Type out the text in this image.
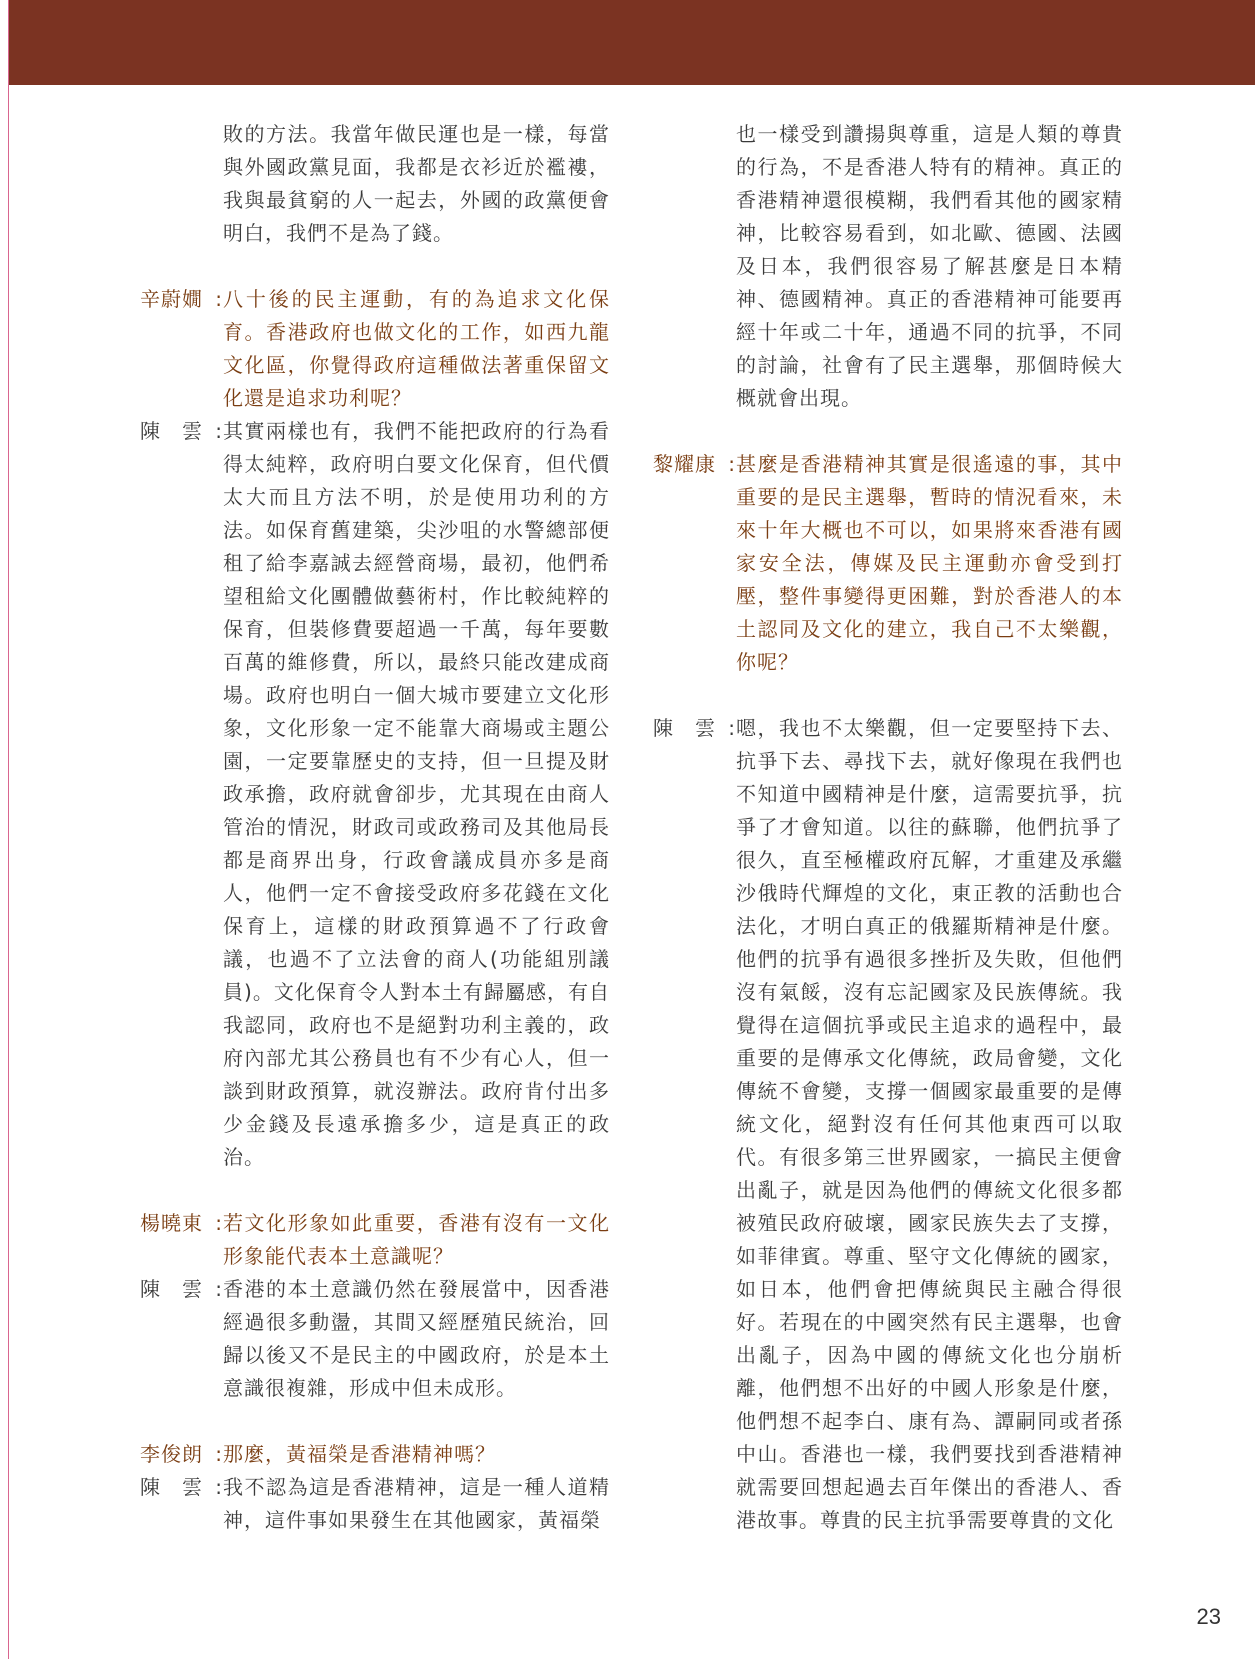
敗的方法。我當年做民運也是一樣，每當與外國政黨見面，我都是衣衫近於襤褸，我與最貧窮的人一起去，外國的政黨便會明白，我們不是為了錢。
辛蔚嫺 : 八十後的民主運動，有的為追求文化保育。香港政府也做文化的工作，如西九龍文化區，你覺得政府這種做法著重保留文化還是追求功利呢？
陳　雲 : 其實兩樣也有，我們不能把政府的行為看得太純粹，政府明白要文化保育，但代價太大而且方法不明，於是使用功利的方法。如保育舊建築，尖沙咀的水警總部便租了給李嘉誠去經營商場，最初，他們希望租給文化團體做藝術村，作比較純粹的保育，但裝修費要超過一千萬，每年要數百萬的維修費，所以，最終只能改建成商場。政府也明白一個大城市要建立文化形象，文化形象一定不能靠大商場或主題公園，一定要靠歷史的支持，但一旦提及財政承擔，政府就會卻步，尤其現在由商人管治的情況，財政司或政務司及其他局長都是商界出身，行政會議成員亦多是商人，他們一定不會接受政府多花錢在文化保育上，這樣的財政預算過不了行政會議，也過不了立法會的商人(功能組別議員)。文化保育令人對本土有歸屬感，有自我認同，政府也不是絕對功利主義的，政府內部尤其公務員也有不少有心人，但一談到財政預算，就沒辦法。政府肯付出多少金錢及長遠承擔多少，這是真正的政治。
楊曉東 : 若文化形象如此重要，香港有沒有一文化形象能代表本土意識呢？
陳　雲 : 香港的本土意識仍然在發展當中，因香港經過很多動盪，其間又經歷殖民統治，回歸以後又不是民主的中國政府，於是本土意識很複雜，形成中但未成形。
李俊朗 : 那麼，黃福榮是香港精神嗎？
陳　雲 : 我不認為這是香港精神，這是一種人道精神，這件事如果發生在其他國家，黃福榮
也一樣受到讚揚與尊重，這是人類的尊貴的行為，不是香港人特有的精神。真正的香港精神還很模糊，我們看其他的國家精神，比較容易看到，如北歐、德國、法國及日本，我們很容易了解甚麼是日本精神、德國精神。真正的香港精神可能要再經十年或二十年，通過不同的抗爭，不同的討論，社會有了民主選舉，那個時候大概就會出現。
黎耀康 : 甚麼是香港精神其實是很遙遠的事，其中重要的是民主選舉，暫時的情況看來，未來十年大概也不可以，如果將來香港有國家安全法，傳媒及民主運動亦會受到打壓，整件事變得更困難，對於香港人的本土認同及文化的建立，我自己不太樂觀，你呢？
陳　雲 : 嗯，我也不太樂觀，但一定要堅持下去、抗爭下去、尋找下去，就好像現在我們也不知道中國精神是什麼，這需要抗爭，抗爭了才會知道。以往的蘇聯，他們抗爭了很久，直至極權政府瓦解，才重建及承繼沙俄時代輝煌的文化，東正教的活動也合法化，才明白真正的俄羅斯精神是什麼。他們的抗爭有過很多挫折及失敗，但他們沒有氣餒，沒有忘記國家及民族傳統。我覺得在這個抗爭或民主追求的過程中，最重要的是傳承文化傳統，政局會變，文化傳統不會變，支撐一個國家最重要的是傳統文化，絕對沒有任何其他東西可以取代。有很多第三世界國家，一搞民主便會出亂子，就是因為他們的傳統文化很多都被殖民政府破壞，國家民族失去了支撐，如菲律賓。尊重、堅守文化傳統的國家，如日本，他們會把傳統與民主融合得很好。若現在的中國突然有民主選舉，也會出亂子，因為中國的傳統文化也分崩析離，他們想不出好的中國人形象是什麼，他們想不起李白、康有為、譚嗣同或者孫中山。香港也一樣，我們要找到香港精神就需要回想起過去百年傑出的香港人、香港故事。尊貴的民主抗爭需要尊貴的文化
23
